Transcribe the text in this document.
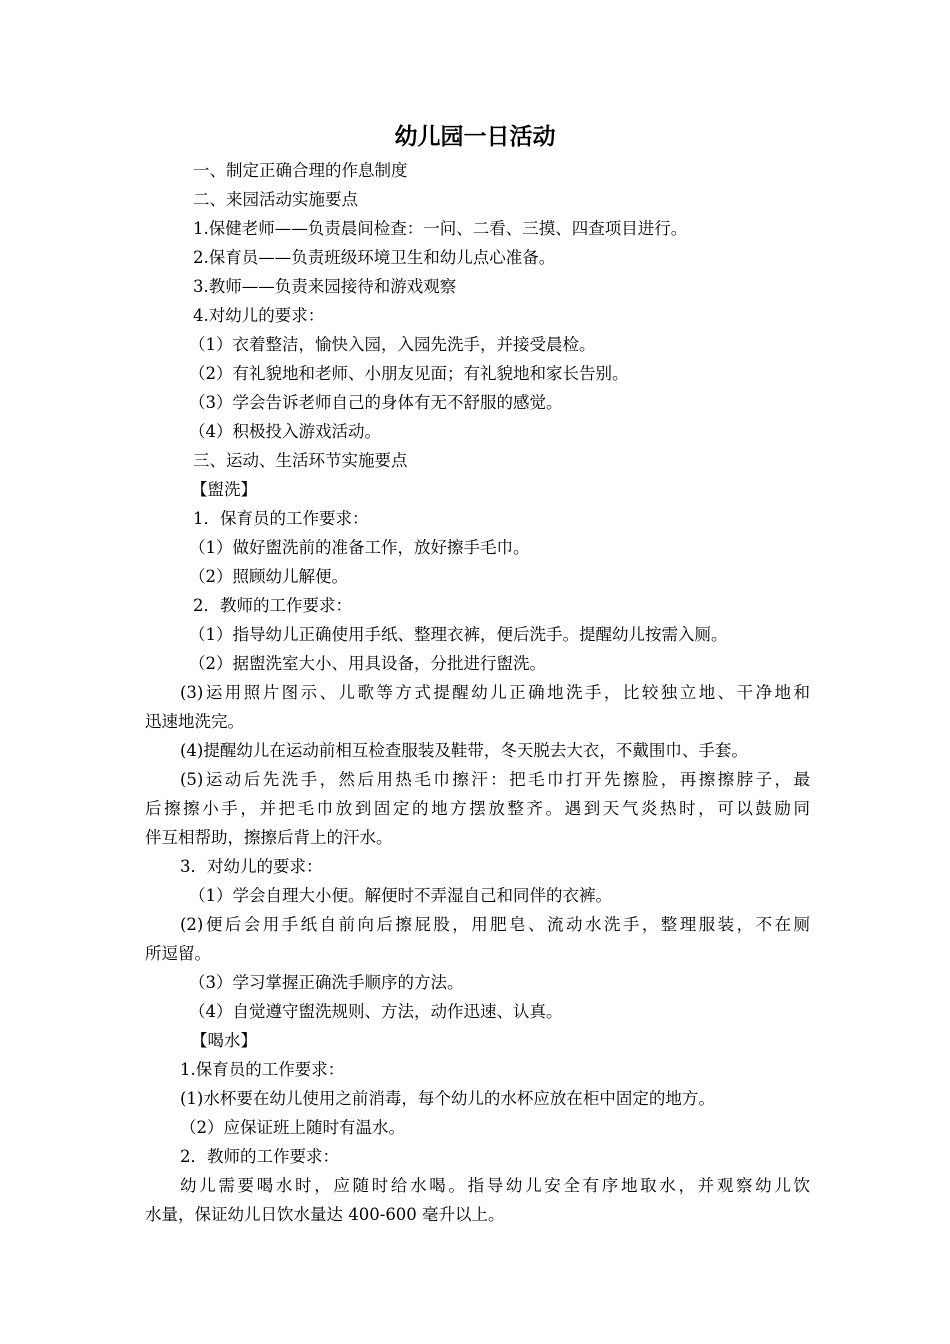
幼儿园一日活动

一、制定正确合理的作息制度

二、来园活动实施要点

1.保健老师——负责晨间检查：一问、二看、三摸、四查项目进行。

2.保育员——负责班级环境卫生和幼儿点心准备。

3.教师——负责来园接待和游戏观察

4.对幼儿的要求：

（1）衣着整洁，愉快入园，入园先洗手，并接受晨检。

（2）有礼貌地和老师、小朋友见面；有礼貌地和家长告别。

（3）学会告诉老师自己的身体有无不舒服的感觉。

（4）积极投入游戏活动。

三、运动、生活环节实施要点

【盥洗】

1．保育员的工作要求：

（1）做好盥洗前的准备工作，放好擦手毛巾。

（2）照顾幼儿解便。

2．教师的工作要求：

（1）指导幼儿正确使用手纸、整理衣裤，便后洗手。提醒幼儿按需入厕。

（2）据盥洗室大小、用具设备，分批进行盥洗。

(3)运用照片图示、儿歌等方式提醒幼儿正确地洗手，比较独立地、干净地和

迅速地洗完。

(4)提醒幼儿在运动前相互检查服装及鞋带，冬天脱去大衣，不戴围巾、手套。

(5)运动后先洗手，然后用热毛巾擦汗：把毛巾打开先擦脸，再擦擦脖子，最

后擦擦小手，并把毛巾放到固定的地方摆放整齐。遇到天气炎热时，可以鼓励同

伴互相帮助，擦擦后背上的汗水。

3．对幼儿的要求：

（1）学会自理大小便。解便时不弄湿自己和同伴的衣裤。

(2)便后会用手纸自前向后擦屁股，用肥皂、流动水洗手，整理服装，不在厕

所逗留。

（3）学习掌握正确洗手顺序的方法。

（4）自觉遵守盥洗规则、方法，动作迅速、认真。

【喝水】

1.保育员的工作要求：

(1)水杯要在幼儿使用之前消毒，每个幼儿的水杯应放在柜中固定的地方。

（2）应保证班上随时有温水。

2．教师的工作要求：

幼儿需要喝水时，应随时给水喝。指导幼儿安全有序地取水，并观察幼儿饮

水量，保证幼儿日饮水量达 400-600 毫升以上。
